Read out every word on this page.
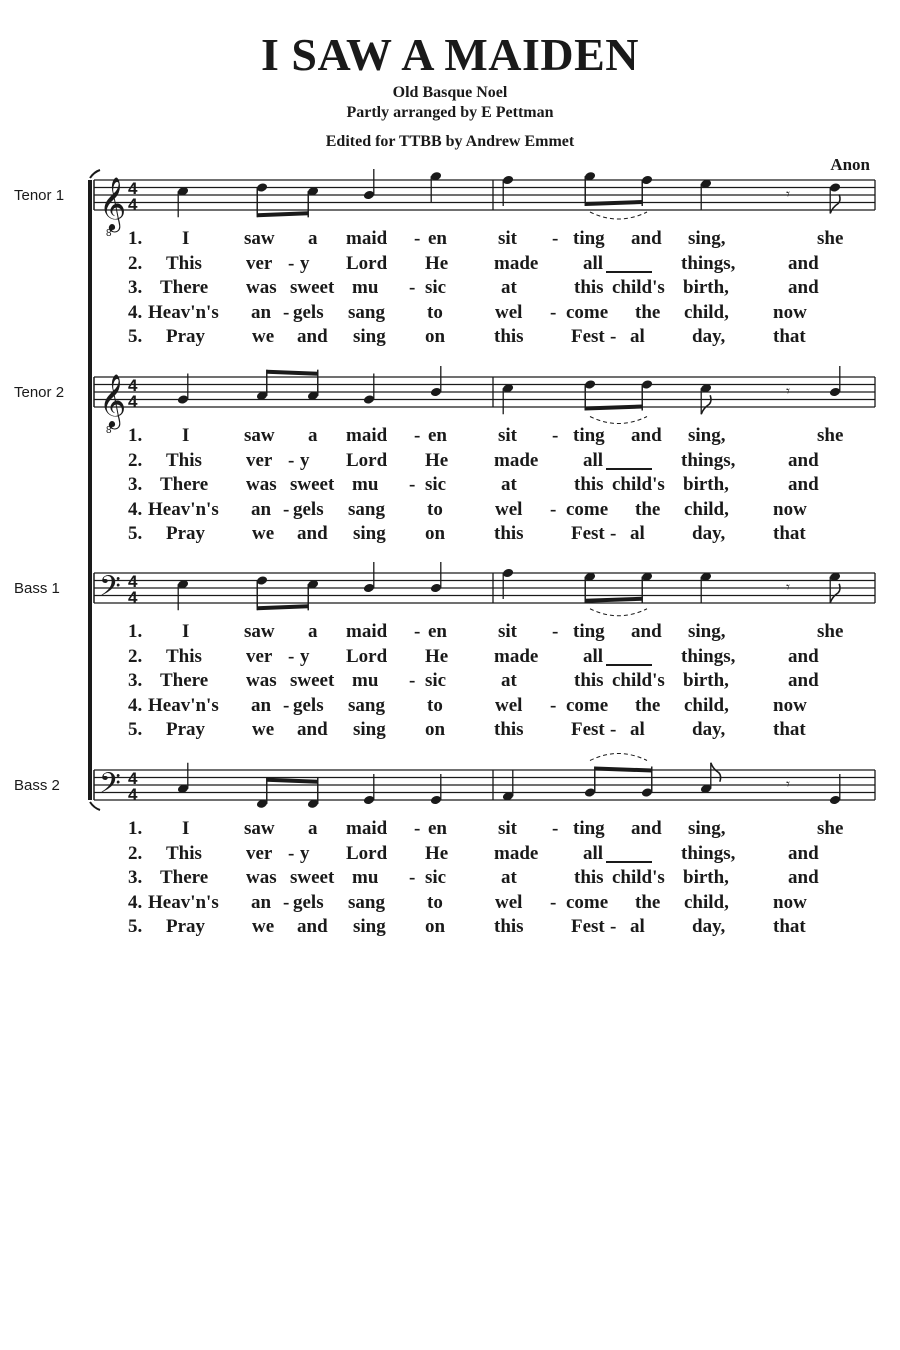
I SAW A MAIDEN

Old Basque Noel

Partly arranged by E Pettman

Edited for TTBB by Andrew Emmet

Anon
Tenor 1
Tenor 2
Bass 1
Bass 2
𝄞
8
4
4
𝄾
𝄞
8
4
4
𝄾
𝄢 4
4
𝄾
𝄢 4
4
𝄾
1. I	saw a maid - en	sit - ting and sing,	she
2. This ver - y Lord He made all	things,	and
3. There was sweet mu - sic	at	this child's birth,	and
4. Heav'n's an - gels sang to	wel - come the child, now
5. Pray we and sing on	this Fest - al day,	that
1. I	saw a maid - en	sit - ting and sing,	she
2. This ver - y Lord He made all	things,	and
3. There was sweet mu - sic	at	this child's birth,	and
4. Heav'n's an - gels sang to	wel - come the child, now
5. Pray we and sing on	this Fest - al day,	that
1. I	saw a maid - en	sit - ting and sing,	she
2. This ver - y Lord He made all	things,	and
3. There was sweet mu - sic	at	this child's birth,	and
4. Heav'n's an - gels sang to	wel - come the child, now
5. Pray we and sing on	this Fest - al day,	that
1. I	saw a maid - en	sit - ting and sing,	she
2. This ver - y Lord He made all	things,	and
3. There was sweet mu - sic	at	this child's birth,	and
4. Heav'n's an - gels sang to	wel - come the child, now
5. Pray we and sing on	this Fest - al day,	that
